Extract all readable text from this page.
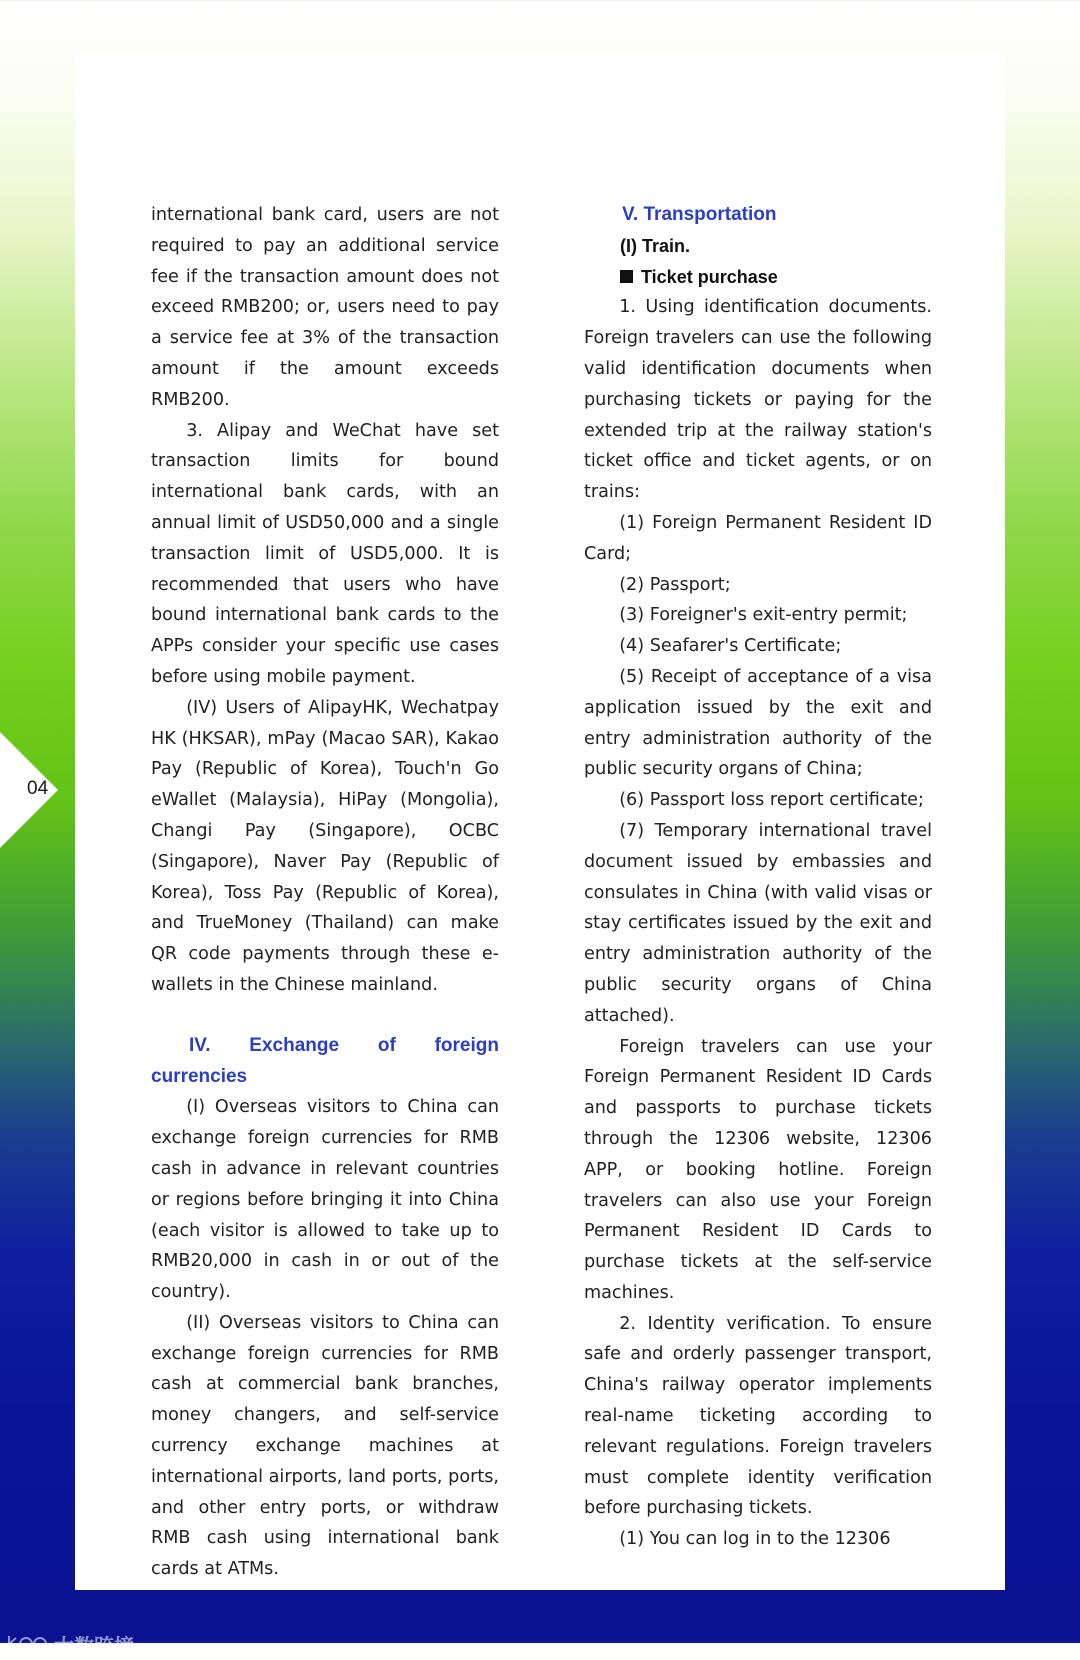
international bank card, users are not required to pay an additional service fee if the transaction amount does not exceed RMB200; or, users need to pay a service fee at 3% of the transaction amount if the amount exceeds RMB200.

3. Alipay and WeChat have set transaction limits for bound international bank cards, with an annual limit of USD50,000 and a single transaction limit of USD5,000. It is recommended that users who have bound international bank cards to the APPs consider your specific use cases before using mobile payment.

(IV) Users of AlipayHK, Wechatpay HK (HKSAR), mPay (Macao SAR), Kakao Pay (Republic of Korea), Touch'n Go eWallet (Malaysia), HiPay (Mongolia), Changi Pay (Singapore), OCBC (Singapore), Naver Pay (Republic of Korea), Toss Pay (Republic of Korea), and TrueMoney (Thailand) can make QR code payments through these e-wallets in the Chinese mainland.

IV. Exchange of foreign currencies

(I) Overseas visitors to China can exchange foreign currencies for RMB cash in advance in relevant countries or regions before bringing it into China (each visitor is allowed to take up to RMB20,000 in cash in or out of the country).

(II) Overseas visitors to China can exchange foreign currencies for RMB cash at commercial bank branches, money changers, and self-service currency exchange machines at international airports, land ports, ports, and other entry ports, or withdraw RMB cash using international bank cards at ATMs.

V. Transportation

(I) Train.

Ticket purchase

1. Using identification documents. Foreign travelers can use the following valid identification documents when purchasing tickets or paying for the extended trip at the railway station's ticket office and ticket agents, or on trains:

(1) Foreign Permanent Resident ID Card;

(2) Passport;

(3) Foreigner's exit-entry permit;

(4) Seafarer's Certificate;

(5) Receipt of acceptance of a visa application issued by the exit and entry administration authority of the public security organs of China;

(6) Passport loss report certificate;

(7) Temporary international travel document issued by embassies and consulates in China (with valid visas or stay certificates issued by the exit and entry administration authority of the public security organs of China attached).

Foreign travelers can use your Foreign Permanent Resident ID Cards and passports to purchase tickets through the 12306 website, 12306 APP, or booking hotline. Foreign travelers can also use your Foreign Permanent Resident ID Cards to purchase tickets at the self-service machines.

2. Identity verification. To ensure safe and orderly passenger transport, China's railway operator implements real-name ticketing according to relevant regulations. Foreign travelers must complete identity verification before purchasing tickets.

(1) You can log in to the 12306

04
大数跨境
